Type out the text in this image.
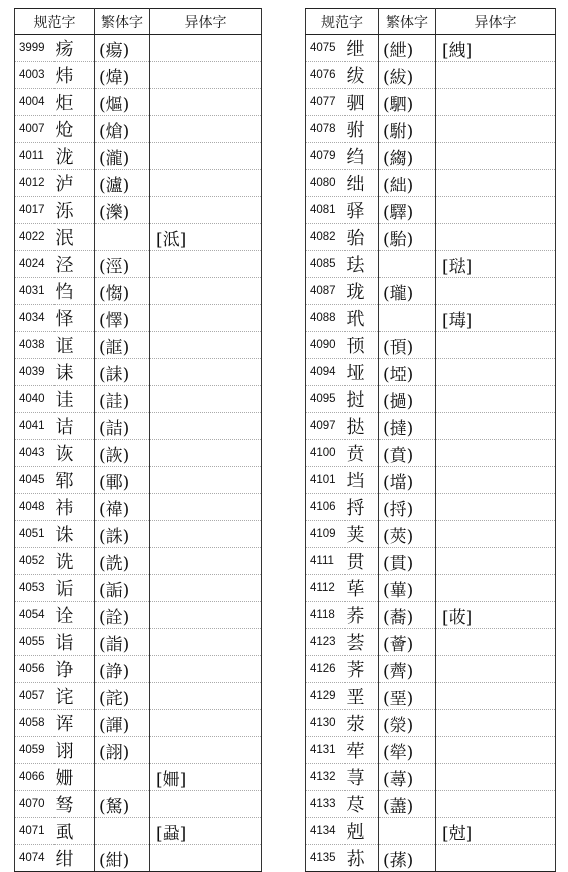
规范字		繁体字	异体字
3999	疡	(瘍)	
4003	炜	(煒)	
4004	炬	(熰)	
4007	炝	(熗)	
4011	泷	(瀧)	
4012	泸	(瀘)	
4017	泺	(濼)	
4022	泯		[泜]
4024	泾	(涇)	
4031	㤘	(㥮)	
4034	怿	(懌)	
4038	诓	(誆)	
4039	诔	(誄)	
4040	诖	(詿)	
4041	诘	(詰)	
4043	诙	(詼)	
4045	郓	(鄆)	
4048	祎	(禕)	
4051	诛	(誅)	
4052	诜	(詵)	
4053	诟	(詬)	
4054	诠	(詮)	
4055	诣	(詣)	
4056	诤	(諍)	
4057	诧	(詫)	
4058	诨	(諢)	
4059	诩	(詡)	
4066	姗		[姍]
4070	驽	(駑)	
4071	虱		[蝨]
4074	绀	(紺)	
规范字		繁体字	异体字
4075	绁	(紲)	[絏]
4076	绂	(紱)	
4077	驷	(駟)	
4078	驸	(駙)	
4079	绉	(縐)	
4080	绌	(絀)	
4081	驿	(驛)	
4082	骀	(駘)	
4085	珐		[琺]
4087	珑	(瓏)	
4088	玳		[瑇]
4090	顸	(頇)	
4094	垭	(埡)	
4095	挝	(撾)	
4097	挞	(撻)	
4100	贲	(賁)	
4101	垱	(壋)	
4106	捋	(捋)	
4109	荚	(莢)	
4111	贯	(貫)	
4112	荜	(蓽)	
4118	荞	(蕎)	[荍]
4123	荟	(薈)	
4126	荠	(薺)	
4129	垩	(堊)	
4130	荥	(滎)	
4131	荦	(犖)	
4132	荨	(蕁)	
4133	荩	(藎)	
4134	剋		[尅]
4135	荪	(蓀)	
